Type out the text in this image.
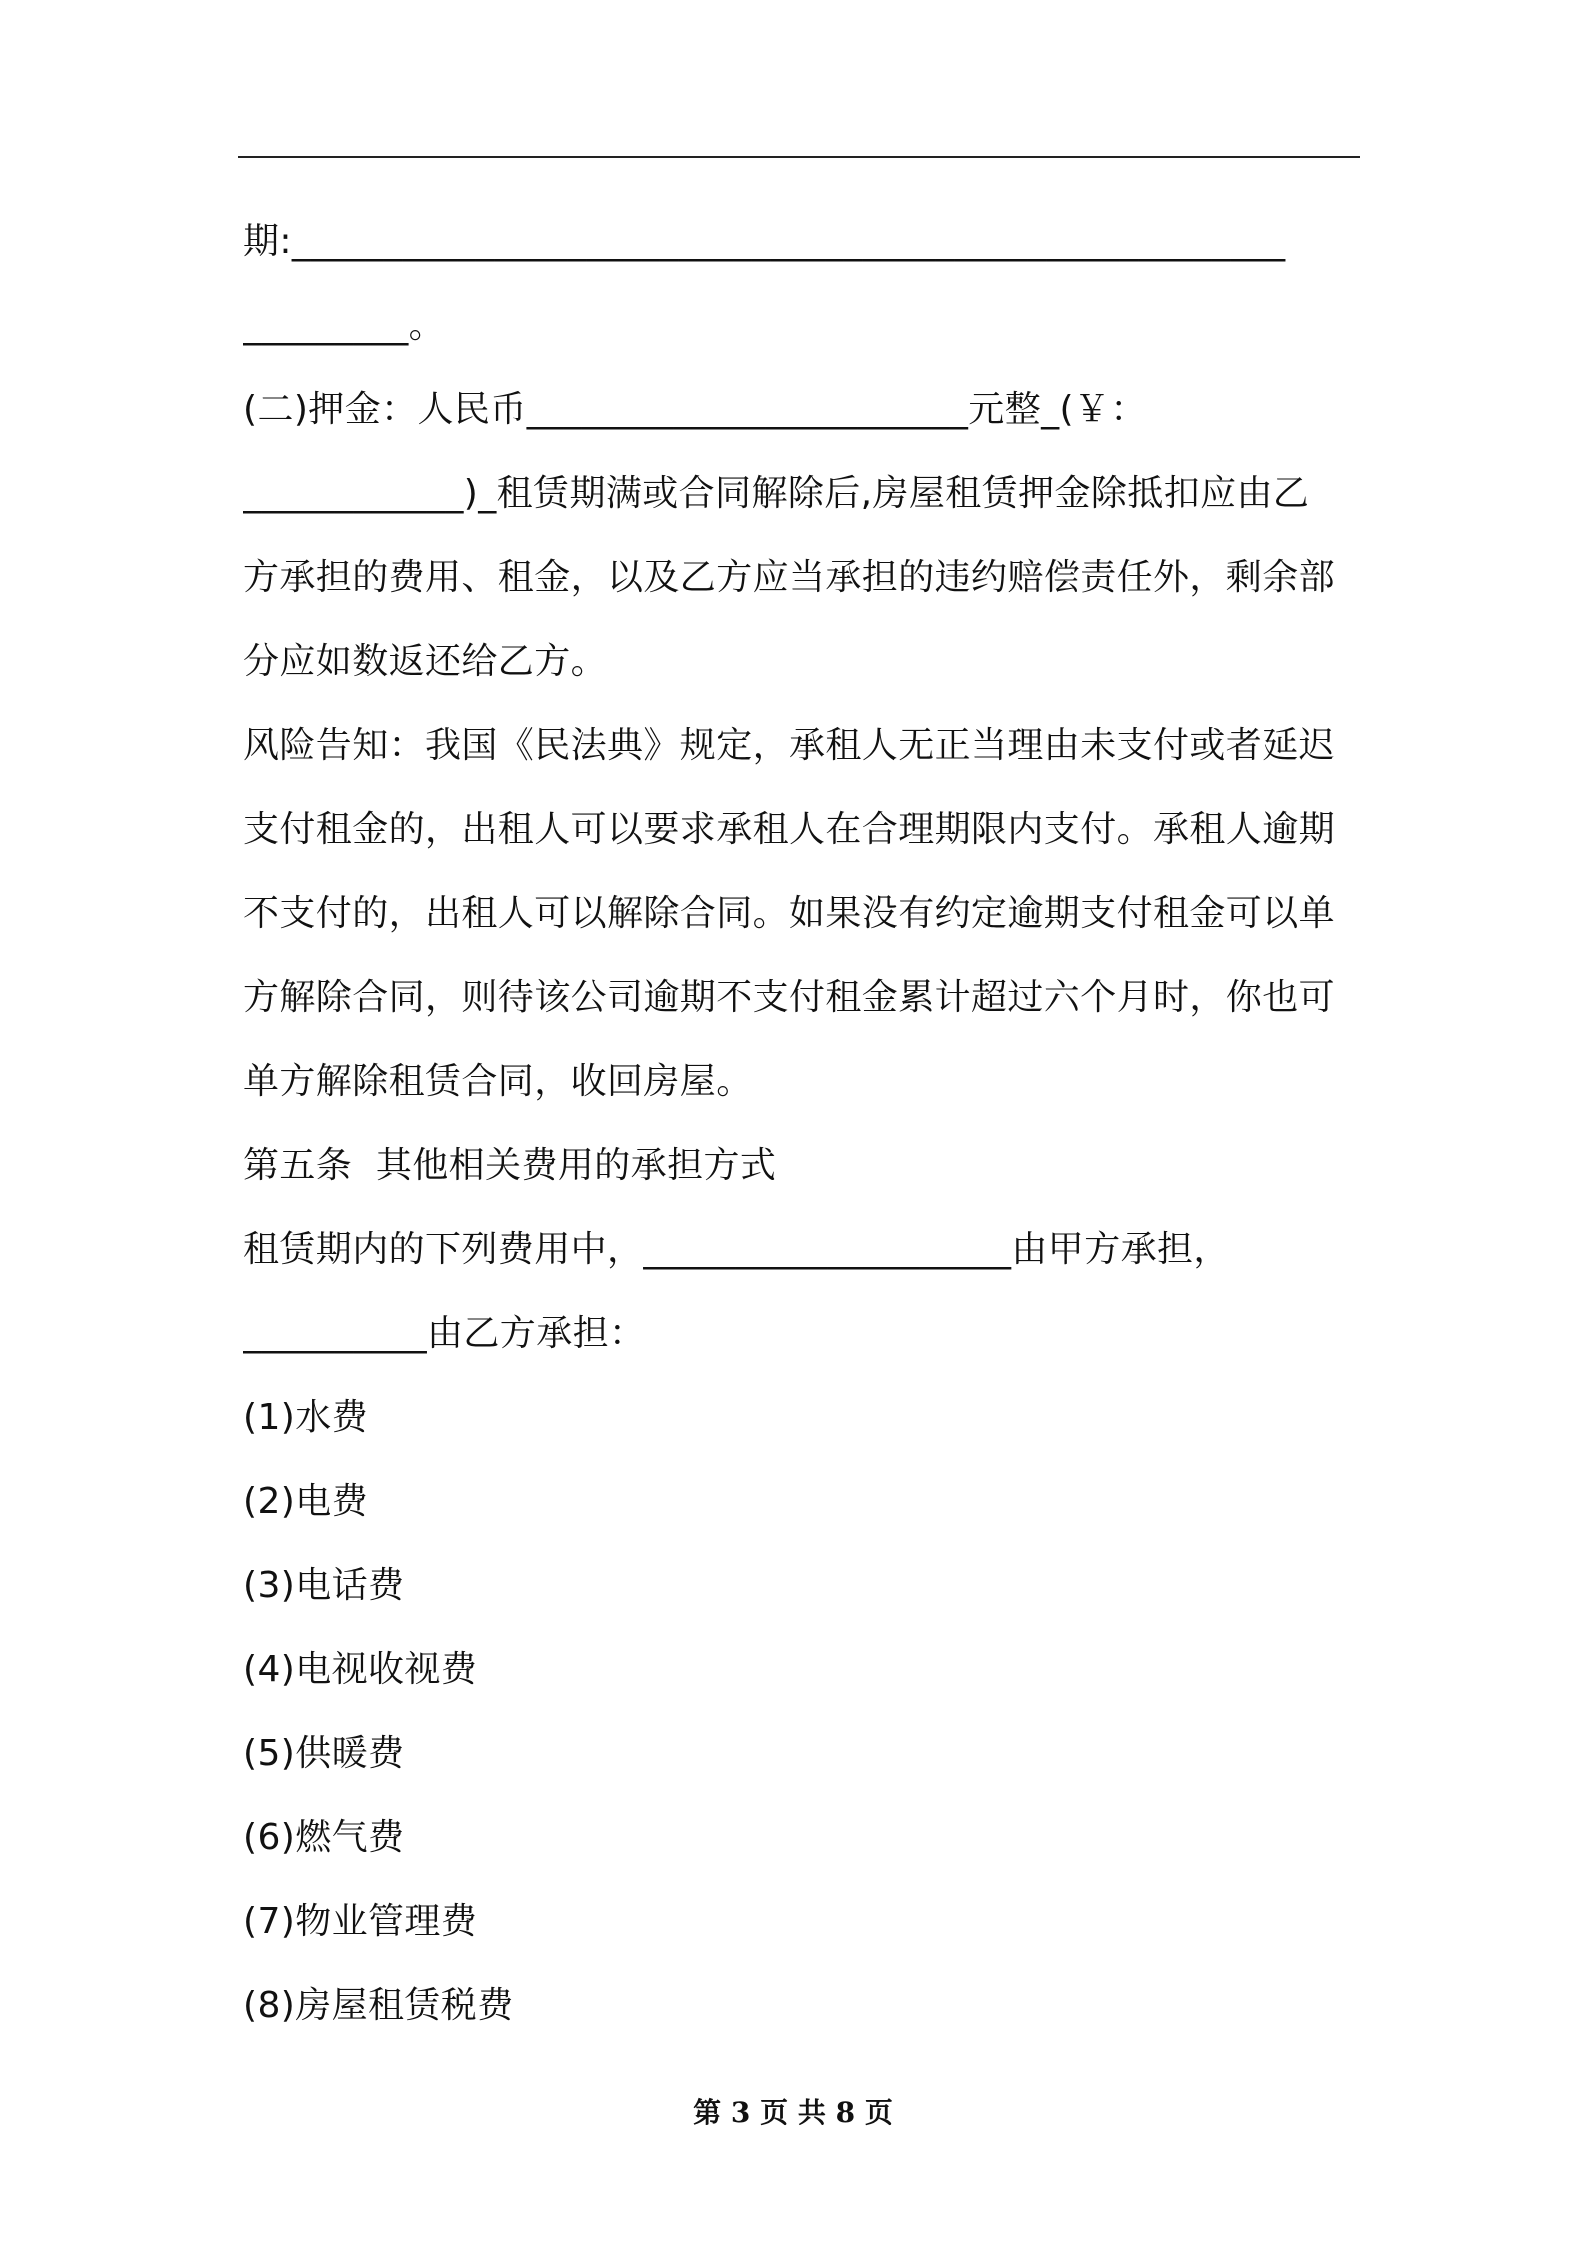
期:______________________________________________________
_________。
(二)押金：人民币________________________元整_(￥：
____________)_租赁期满或合同解除后,房屋租赁押金除抵扣应由乙
方承担的费用、租金，以及乙方应当承担的违约赔偿责任外，剩余部
分应如数返还给乙方。
风险告知：我国《民法典》规定，承租人无正当理由未支付或者延迟
支付租金的，出租人可以要求承租人在合理期限内支付。承租人逾期
不支付的，出租人可以解除合同。如果没有约定逾期支付租金可以单
方解除合同，则待该公司逾期不支付租金累计超过六个月时，你也可
单方解除租赁合同，收回房屋。
第五条  其他相关费用的承担方式
租赁期内的下列费用中，____________________由甲方承担，
__________由乙方承担：
(1)水费
(2)电费
(3)电话费
(4)电视收视费
(5)供暖费
(6)燃气费
(7)物业管理费
(8)房屋租赁税费
第 3 页 共 8 页
